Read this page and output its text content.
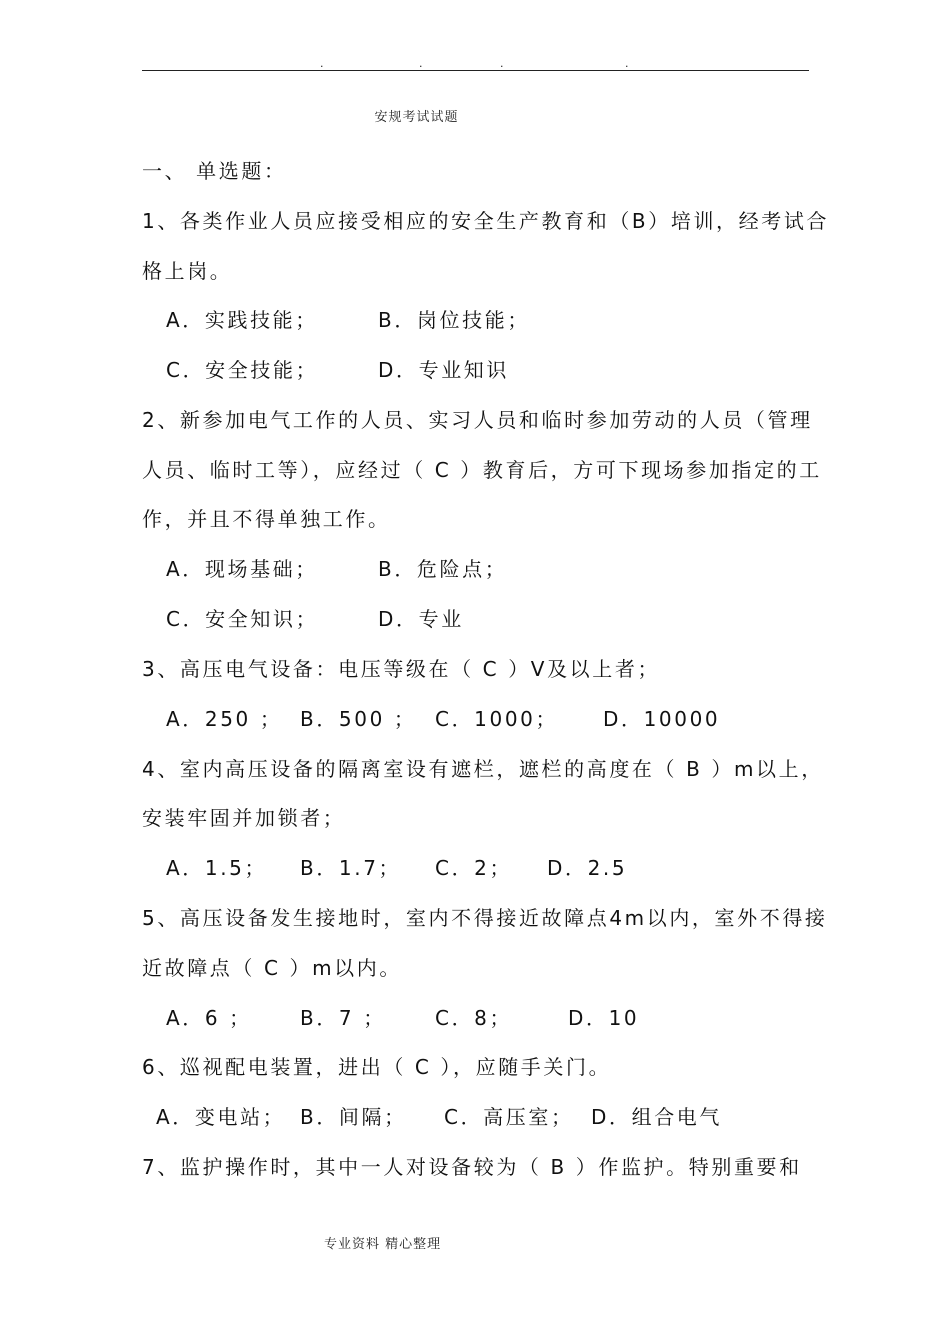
.	.	.	.
安规考试试题
一、 单选题：
1、各类作业人员应接受相应的安全生产教育和（B）培训，经考试合
格上岗。
A．实践技能；	B．岗位技能；
C．安全技能；	D．专业知识
2、新参加电气工作的人员、实习人员和临时参加劳动的人员（管理
人员、临时工等），应经过（ C ）教育后，方可下现场参加指定的工
作，并且不得单独工作。
A．现场基础；	B．危险点；
C．安全知识；	D．专业
3、高压电气设备：电压等级在（ C ）V及以上者；
A．250 ； B．500 ； C．1000； D．10000
4、室内高压设备的隔离室设有遮栏，遮栏的高度在（ B ）m以上，
安装牢固并加锁者；
A．1.5； B．1.7； C．2； D．2.5
5、高压设备发生接地时，室内不得接近故障点4m以内，室外不得接
近故障点（ C ）m以内。
A．6 ； B．7 ； C．8；	D．10
6、巡视配电装置，进出（ C ），应随手关门。
A．变电站； B．间隔； C．高压室； D．组合电气
7、监护操作时，其中一人对设备较为（ B ）作监护。特别重要和
专业资料 精心整理
